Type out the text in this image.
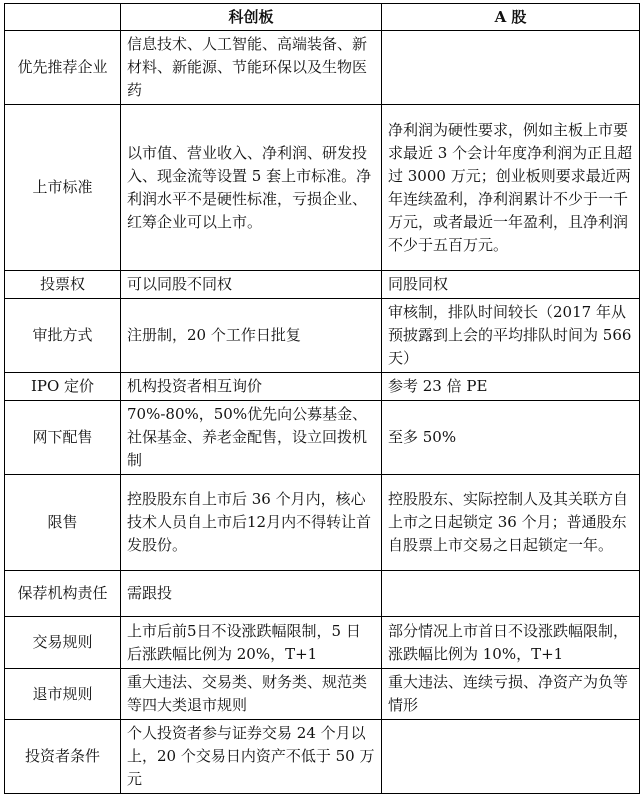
	科创板	A 股
优先推荐企业	信息技术、人工智能、高端装备、新材料、新能源、节能环保以及生物医药	
上市标准	以市值、营业收入、净利润、研发投入、现金流等设置 5 套上市标准。净利润水平不是硬性标准，亏损企业、红筹企业可以上市。	净利润为硬性要求，例如主板上市要求最近 3 个会计年度净利润为正且超过 3000 万元；创业板则要求最近两年连续盈利，净利润累计不少于一千万元，或者最近一年盈利，且净利润不少于五百万元。
投票权	可以同股不同权	同股同权
审批方式	注册制，20 个工作日批复	审核制，排队时间较长（2017 年从预披露到上会的平均排队时间为 566 天）
IPO 定价	机构投资者相互询价	参考 23 倍 PE
网下配售	70%-80%，50%优先向公募基金、社保基金、养老金配售，设立回拨机制	至多 50%
限售	控股股东自上市后 36 个月内，核心技术人员自上市后12月内不得转让首发股份。	控股股东、实际控制人及其关联方自上市之日起锁定 36 个月；普通股东自股票上市交易之日起锁定一年。
保荐机构责任	需跟投	
交易规则	上市后前5日不设涨跌幅限制，5 日后涨跌幅比例为 20%，T+1	部分情况上市首日不设涨跌幅限制，涨跌幅比例为 10%，T+1
退市规则	重大违法、交易类、财务类、规范类等四大类退市规则	重大违法、连续亏损、净资产为负等情形
投资者条件	个人投资者参与证券交易 24 个月以上，20 个交易日内资产不低于 50 万元	
